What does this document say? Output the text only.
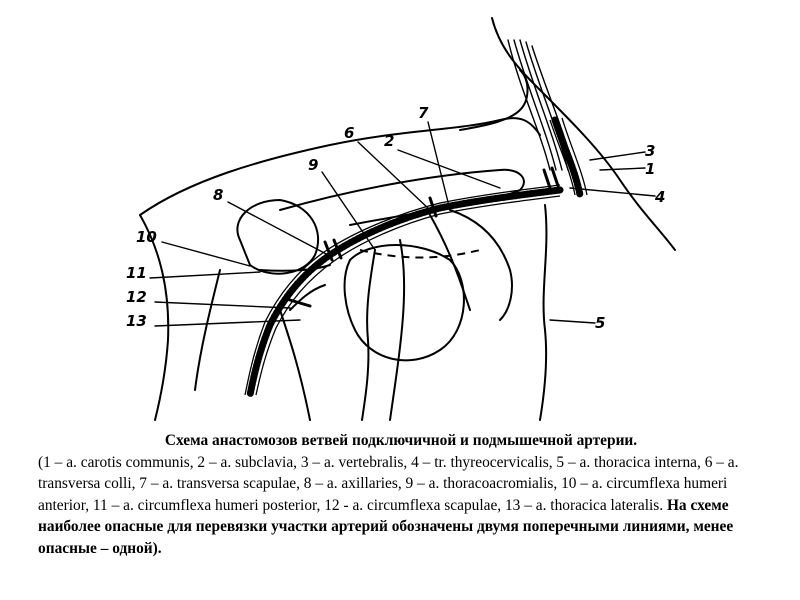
1
2
3
4
5
6
7
8
9
10
11
12
13

Схема анастомозов ветвей подключичной и подмышечной артерии.

(1 – a. carotis communis, 2 – a. subclavia, 3 – a. vertebralis, 4 – tr. thyreocervicalis, 5 – a. thoracica interna, 6 – a. transversa colli, 7 – a. transversa scapulae, 8 – a. axillaries, 9 – a. thoracoacromialis, 10 – a. circumflexa humeri anterior, 11 – a. circumflexa humeri posterior, 12 - a. circumflexa scapulae, 13 – a. thoracica lateralis. На схеме наиболее опасные для перевязки участки артерий обозначены двумя поперечными линиями, менее опасные – одной).
